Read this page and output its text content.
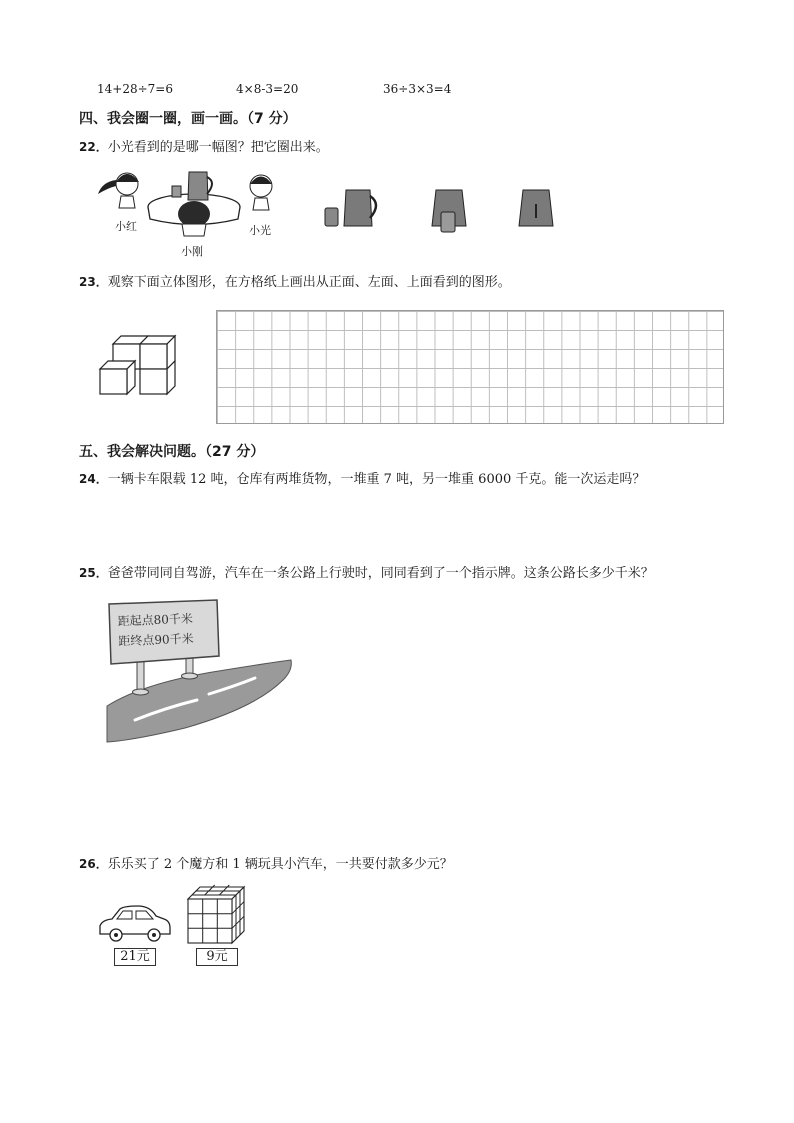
14+28÷7=6	4×8-3=20	36÷3×3=4
四、我会圈一圈，画一画。（7 分）
22．小光看到的是哪一幅图？把它圈出来。
小红
小刚
小光
23．观察下面立体图形，在方格纸上画出从正面、左面、上面看到的图形。
五、我会解决问题。（27 分）
24．一辆卡车限载 12 吨，仓库有两堆货物，一堆重 7 吨，另一堆重 6000 千克。能一次运走吗？
25．爸爸带同同自驾游，汽车在一条公路上行驶时，同同看到了一个指示牌。这条公路长多少千米？
距起点80千米
距终点90千米
26．乐乐买了 2 个魔方和 1 辆玩具小汽车，一共要付款多少元？
21元	9元
